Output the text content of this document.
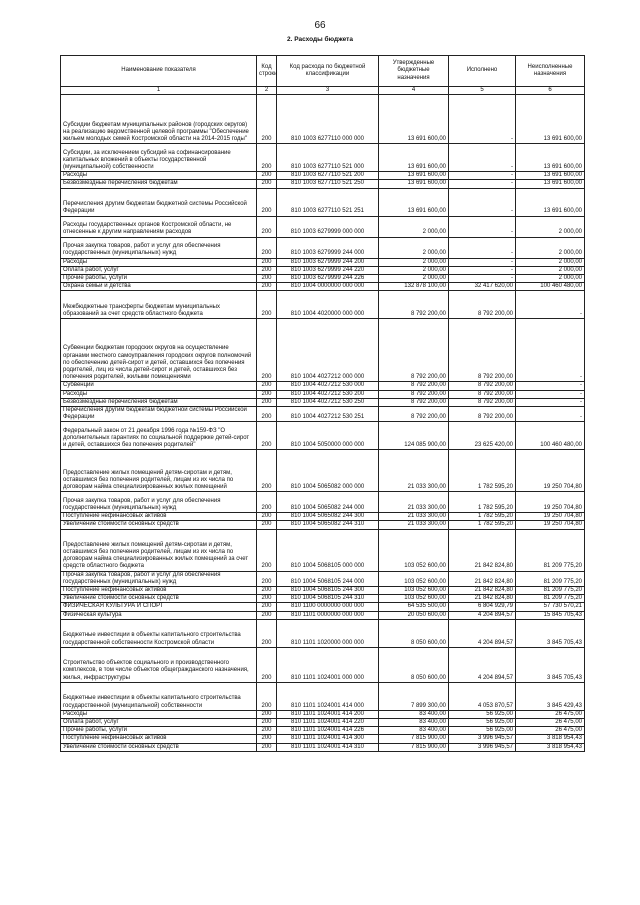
66
2. Расходы бюджета
Наименование показателя	Код строки	Код расхода по бюджетной классификации	Утвержденные бюджетные назначения	Исполнено	Неисполненные назначения
1	2	3	4	5	6
Субсидии бюджетам муниципальных районов (городских округов) на реализацию ведомственной целевой программы "Обеспечение жильем молодых семей Костромской области на 2014-2015 годы"	200	810 1003 6277110 000 000	13 691 600,00	-	13 691 600,00
Субсидии, за исключением субсидий на софинансирование капитальных вложений в объекты государственной (муниципальной) собственности	200	810 1003 6277110 521 000	13 691 600,00	-	13 691 600,00
Расходы	200	810 1003 6277110 521 200	13 691 600,00	-	13 691 600,00
Безвозмездные перечисления бюджетам	200	810 1003 6277110 521 250	13 691 600,00	-	13 691 600,00
Перечисления другим бюджетам бюджетной системы Российской Федерации	200	810 1003 6277110 521 251	13 691 600,00	-	13 691 600,00
Расходы государственных органов Костромской области, не отнесенные к другим направлениям расходов	200	810 1003 6279999 000 000	2 000,00	-	2 000,00
Прочая закупка товаров, работ и услуг для обеспечения государственных (муниципальных) нужд	200	810 1003 6279999 244 000	2 000,00	-	2 000,00
Расходы	200	810 1003 6279999 244 200	2 000,00	-	2 000,00
Оплата работ, услуг	200	810 1003 6279999 244 220	2 000,00	-	2 000,00
Прочие работы, услуги	200	810 1003 6279999 244 226	2 000,00	-	2 000,00
Охрана семьи и детства	200	810 1004 0000000 000 000	132 878 100,00	32 417 620,00	100 460 480,00
Межбюджетные трансферты бюджетам муниципальных образований за счет средств областного бюджета	200	810 1004 4020000 000 000	8 792 200,00	8 792 200,00	-
Субвенции бюджетам городских округов на осуществление органами местного самоуправления городских округов полномочий по обеспечению детей-сирот и детей, оставшихся без попечения родителей, лиц из числа детей-сирот и детей, оставшихся без попечения родителей, жилыми помещениями	200	810 1004 4027212 000 000	8 792 200,00	8 792 200,00	-
Субвенции	200	810 1004 4027212 530 000	8 792 200,00	8 792 200,00	-
Расходы	200	810 1004 4027212 530 200	8 792 200,00	8 792 200,00	-
Безвозмездные перечисления бюджетам	200	810 1004 4027212 530 250	8 792 200,00	8 792 200,00	-
Перечисления другим бюджетам бюджетной системы Российской Федерации	200	810 1004 4027212 530 251	8 792 200,00	8 792 200,00	-
Федеральный закон от 21 декабря 1996 года №159-ФЗ "О дополнительных гарантиях по социальной поддержке детей-сирот и детей, оставшихся без попечения родителей"	200	810 1004 5050000 000 000	124 085 900,00	23 625 420,00	100 460 480,00
Предоставление жилых помещений детям-сиротам и детям, оставшимся без попечения родителей, лицам из их числа по договорам найма специализированных жилых помещений	200	810 1004 5065082 000 000	21 033 300,00	1 782 595,20	19 250 704,80
Прочая закупка товаров, работ и услуг для обеспечения государственных (муниципальных) нужд	200	810 1004 5065082 244 000	21 033 300,00	1 782 595,20	19 250 704,80
Поступление нефинансовых активов	200	810 1004 5065082 244 300	21 033 300,00	1 782 595,20	19 250 704,80
Увеличение стоимости основных средств	200	810 1004 5065082 244 310	21 033 300,00	1 782 595,20	19 250 704,80
Предоставление жилых помещений детям-сиротам и детям, оставшимся без попечения родителей, лицам из их числа по договорам найма специализированных жилых помещений за счет средств областного бюджета	200	810 1004 5068105 000 000	103 052 600,00	21 842 824,80	81 209 775,20
Прочая закупка товаров, работ и услуг для обеспечения государственных (муниципальных) нужд	200	810 1004 5068105 244 000	103 052 600,00	21 842 824,80	81 209 775,20
Поступление нефинансовых активов	200	810 1004 5068105 244 300	103 052 600,00	21 842 824,80	81 209 775,20
Увеличение стоимости основных средств	200	810 1004 5068105 244 310	103 052 600,00	21 842 824,80	81 209 775,20
ФИЗИЧЕСКАЯ КУЛЬТУРА И СПОРТ	200	810 1100 0000000 000 000	64 535 500,00	6 804 929,79	57 730 570,21
Физическая культура	200	810 1101 0000000 000 000	20 050 600,00	4 204 894,57	15 845 705,43
Бюджетные инвестиции в объекты капитального строительства государственной собственности Костромской области	200	810 1101 1020000 000 000	8 050 600,00	4 204 894,57	3 845 705,43
Строительство объектов социального и производственного комплексов, в том числе объектов общегражданского назначения, жилья, инфраструктуры	200	810 1101 1024001 000 000	8 050 600,00	4 204 894,57	3 845 705,43
Бюджетные инвестиции в объекты капитального строительства государственной (муниципальной) собственности	200	810 1101 1024001 414 000	7 899 300,00	4 053 870,57	3 845 429,43
Расходы	200	810 1101 1024001 414 200	83 400,00	56 925,00	26 475,00
Оплата работ, услуг	200	810 1101 1024001 414 220	83 400,00	56 925,00	26 475,00
Прочие работы, услуги	200	810 1101 1024001 414 226	83 400,00	56 925,00	26 475,00
Поступление нефинансовых активов	200	810 1101 1024001 414 300	7 815 900,00	3 996 945,57	3 818 954,43
Увеличение стоимости основных средств	200	810 1101 1024001 414 310	7 815 900,00	3 996 945,57	3 818 954,43
